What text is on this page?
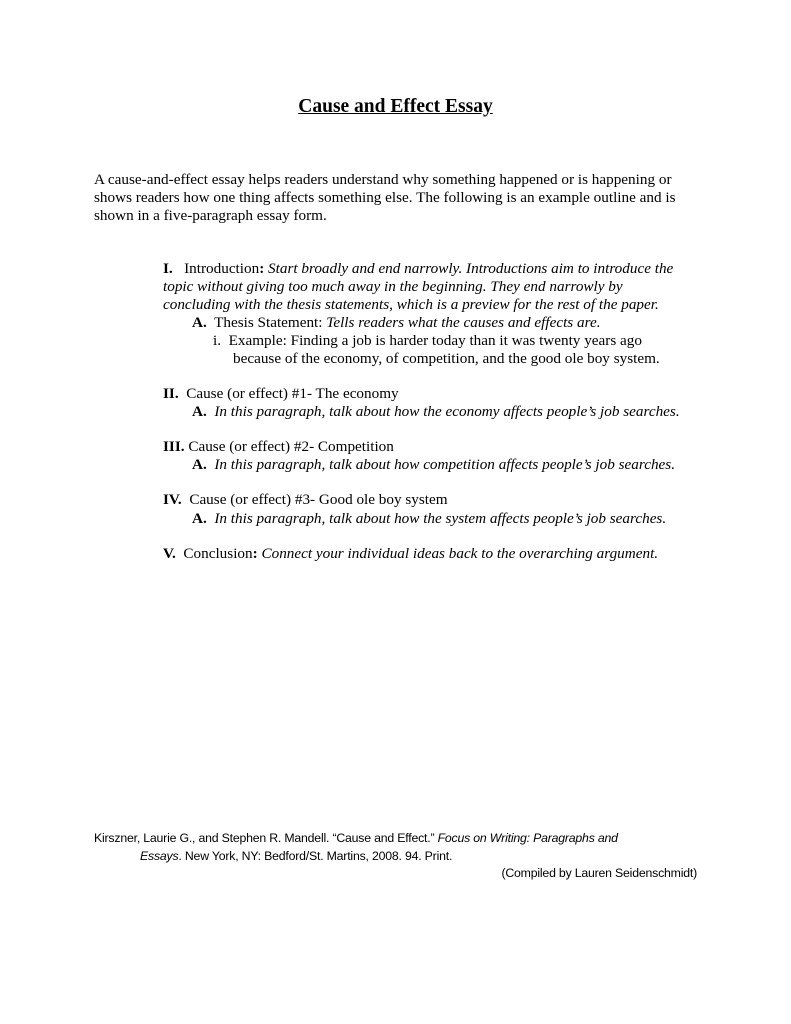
Cause and Effect Essay
A cause-and-effect essay helps readers understand why something happened or is happening or
shows readers how one thing affects something else. The following is an example outline and is
shown in a five-paragraph essay form.
I. Introduction: Start broadly and end narrowly. Introductions aim to introduce the
topic without giving too much away in the beginning. They end narrowly by
concluding with the thesis statements, which is a preview for the rest of the paper.
A. Thesis Statement: Tells readers what the causes and effects are.
i. Example: Finding a job is harder today than it was twenty years ago
because of the economy, of competition, and the good ole boy system.
II. Cause (or effect) #1- The economy
A. In this paragraph, talk about how the economy affects people’s job searches.
III. Cause (or effect) #2- Competition
A. In this paragraph, talk about how competition affects people’s job searches.
IV. Cause (or effect) #3- Good ole boy system
A. In this paragraph, talk about how the system affects people’s job searches.
V. Conclusion: Connect your individual ideas back to the overarching argument.
Kirszner, Laurie G., and Stephen R. Mandell. “Cause and Effect.” Focus on Writing: Paragraphs and
Essays. New York, NY: Bedford/St. Martins, 2008. 94. Print.
(Compiled by Lauren Seidenschmidt)
